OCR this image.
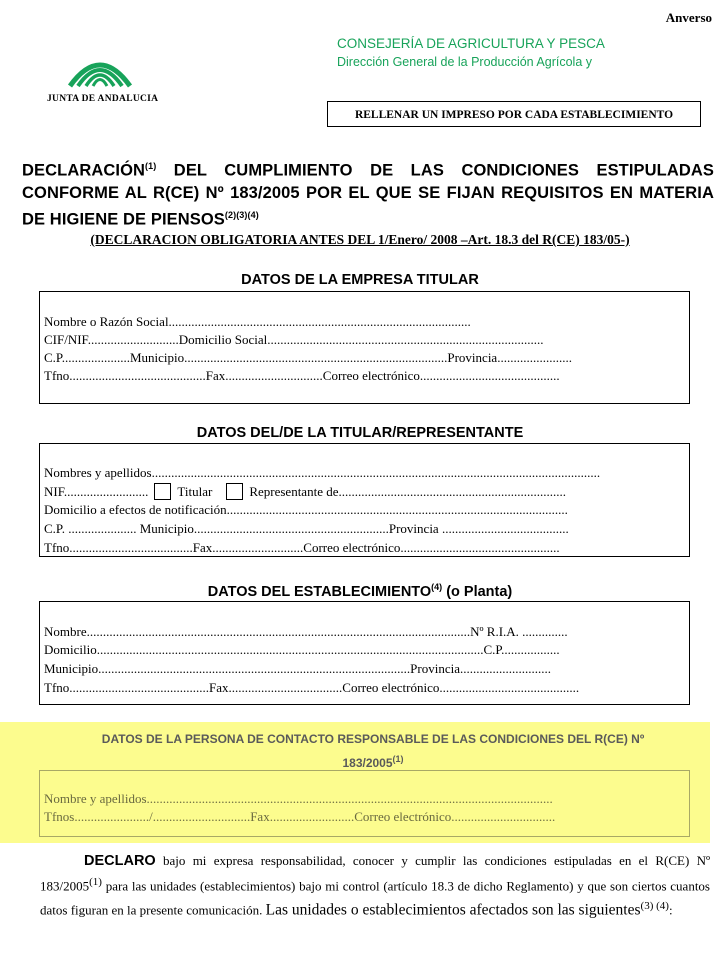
Anverso
JUNTA DE ANDALUCIA
CONSEJERÍA DE AGRICULTURA Y PESCA
Dirección General de la Producción Agrícola y
RELLENAR UN IMPRESO POR CADA ESTABLECIMIENTO
DECLARACIÓN$^{(1)}$ DEL CUMPLIMIENTO DE LAS CONDICIONES ESTIPULADAS CONFORME AL R(CE) Nº 183/2005 POR EL QUE SE FIJAN REQUISITOS EN MATERIA DE HIGIENE DE $PIENSOS^{(2)(3)(4)}$
(DECLARACION OBLIGATORIA ANTES DEL 1/Enero/ 2008 –Art. 18.3 del R(CE) 183/05-)
DATOS DE LA EMPRESA TITULAR
Nombre o Razón Social.............................................................................................
CIF/NIF............................Domicilio Social.....................................................................................
C.P.....................Municipio.................................................................................Provincia.......................
Tfno..........................................Fax..............................Correo electrónico...........................................
DATOS DEL/DE LA TITULAR/REPRESENTANTE
Nombres y apellidos..........................................................................................................................................
NIF.......................... Titular	Representante de......................................................................
Domicilio a efectos de notificación.........................................................................................................
C.P. ..................... Municipio............................................................Provincia .......................................
Tfno......................................Fax............................Correo electrónico.................................................
DATOS DEL ESTABLECIMIENTO$^{(4)}$ (o Planta)
Nombre......................................................................................................................Nº R.I.A. ..............
Domicilio.......................................................................................................................C.P..................
Municipio................................................................................................Provincia............................
Tfno...........................................Fax...................................Correo electrónico...........................................
DATOS DE LA PERSONA DE CONTACTO RESPONSABLE DE LAS CONDICIONES DEL R(CE) Nº
183/2005$^{(1)}$
Nombre y apellidos.............................................................................................................................
Tfnos......................./..............................Fax..........................Correo electrónico................................
DECLARO bajo mi expresa responsabilidad, conocer y cumplir las condiciones estipuladas en el R(CE) Nº 183/2005$^{(1)}$ para las unidades (establecimientos) bajo mi control (artículo 18.3 de dicho Reglamento) y que son ciertos cuantos datos figuran en la presente comunicación. Las unidades o establecimientos afectados son las siguientes$^{(3) (4)}$:
